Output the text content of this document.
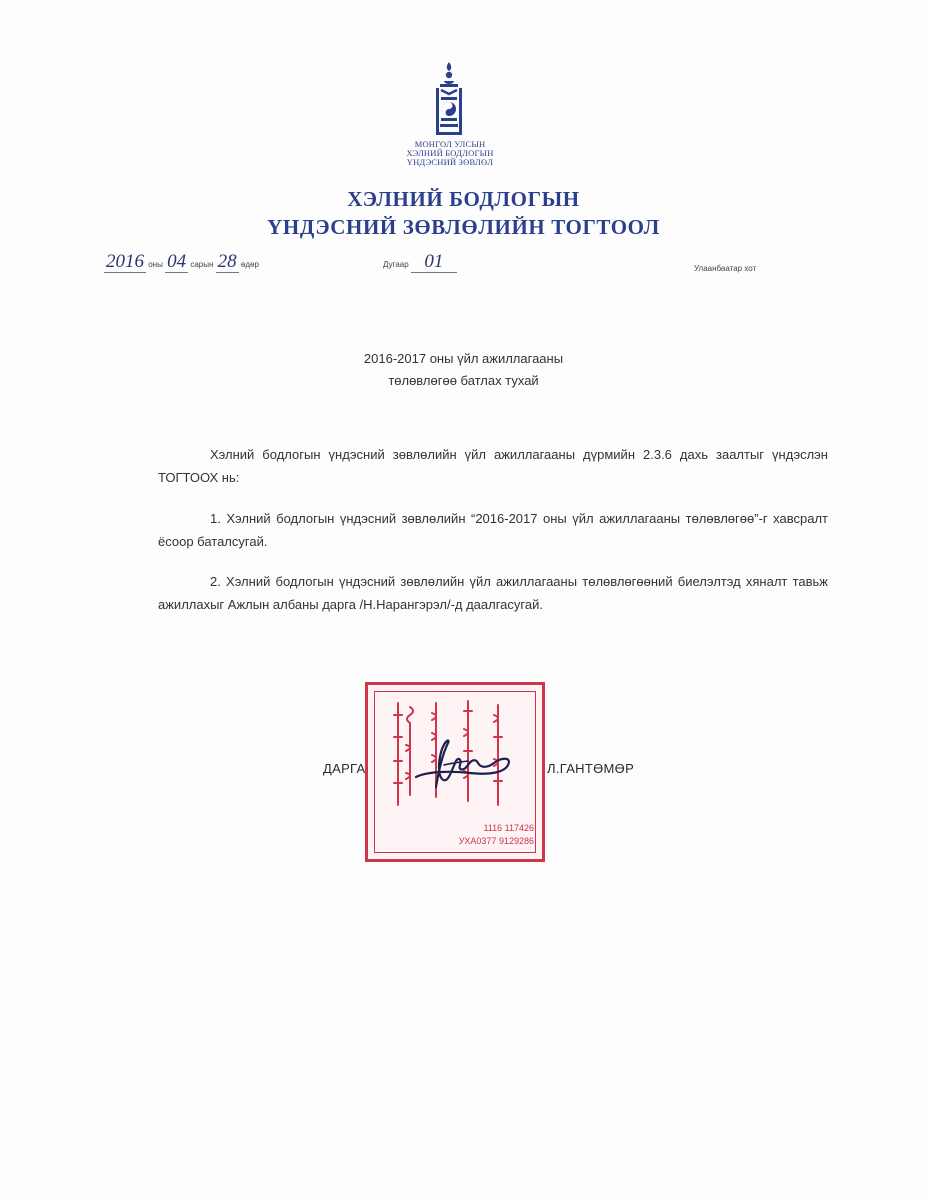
МОНГОЛ УЛСЫН
ХЭЛНИЙ БОДЛОГЫН
ҮНДЭСНИЙ ЗӨВЛӨЛ
ХЭЛНИЙ БОДЛОГЫН
ҮНДЭСНИЙ ЗӨВЛӨЛИЙН ТОГТООЛ
2016 оны 04 сарын 28 өдөр	Дугаар 01	Улаанбаатар хот
2016-2017 оны үйл ажиллагааны
төлөвлөгөө батлах тухай
Хэлний бодлогын үндэсний зөвлөлийн үйл ажиллагааны дүрмийн 2.3.6 дахь заалтыг үндэслэн ТОГТООХ нь:
1. Хэлний бодлогын үндэсний зөвлөлийн “2016-2017 оны үйл ажиллагааны төлөвлөгөө”-г хавсралт ёсоор баталсугай.
2. Хэлний бодлогын үндэсний зөвлөлийн үйл ажиллагааны төлөвлөгөөний биелэлтэд хяналт тавьж ажиллахыг Ажлын албаны дарга /Н.Нарангэрэл/-д даалгасугай.
1116 117426
УХА0377 9129286
ДАРГА	Л.ГАНТӨМӨР
